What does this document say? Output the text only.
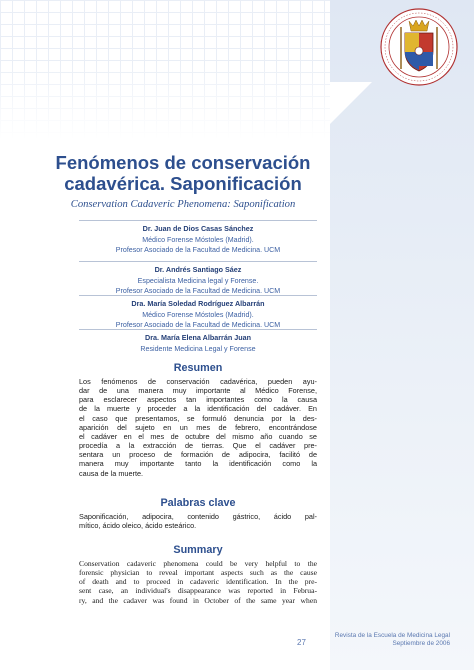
Fenómenos de conservación
cadavérica. Saponificación
Conservation Cadaveric Phenomena: Saponification
Dr. Juan de Dios Casas Sánchez
Médico Forense Móstoles (Madrid).
Profesor Asociado de la Facultad de Medicina. UCM
Dr. Andrés Santiago Sáez
Especialista Medicina legal y Forense.
Profesor Asociado de la Facultad de Medicina. UCM
Dra. María Soledad Rodríguez Albarrán
Médico Forense Móstoles (Madrid).
Profesor Asociado de la Facultad de Medicina. UCM
Dra. María Elena Albarrán Juan
Residente Medicina Legal y Forense
Resumen
Los fenómenos de conservación cadavérica, pueden ayu-
dar de una manera muy importante al Médico Forense,
para esclarecer aspectos tan importantes como la causa
de la muerte y proceder a la identificación del cadáver. En
el caso que presentamos, se formuló denuncia por la des-
aparición del sujeto en un mes de febrero, encontrándose
el cadáver en el mes de octubre del mismo año cuando se
procedía a la extracción de tierras. Que el cadáver pre-
sentara un proceso de formación de adipocira, facilitó de
manera muy importante tanto la identificación como la
causa de la muerte.
Palabras clave
Saponificación, adipocira, contenido gástrico, ácido pal-
mítico, ácido oleico, ácido esteárico.
Summary
Conservation cadaveric phenomena could be very helpful to the
forensic physician to reveal important aspects such as the cause
of death and to proceed in cadaveric identification. In the pre-
sent case, an individual's disappearance was reported in Februa-
ry, and the cadaver was found in October of the same year when
Revista de la Escuela de Medicina Legal
Septiembre de 2006
27
